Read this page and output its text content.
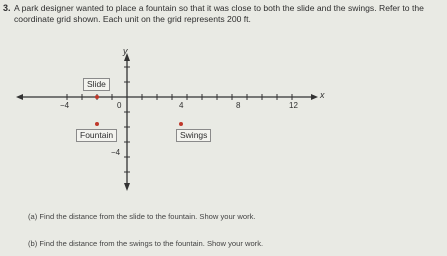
3. A park designer wanted to place a fountain so that it was close to both the slide and the swings. Refer to the
coordinate grid shown. Each unit on the grid represents 200 ft.
y
x
−4	0	4	8	12
−4
Slide
Fountain	Swings
(a) Find the distance from the slide to the fountain. Show your work.
(b) Find the distance from the swings to the fountain. Show your work.
